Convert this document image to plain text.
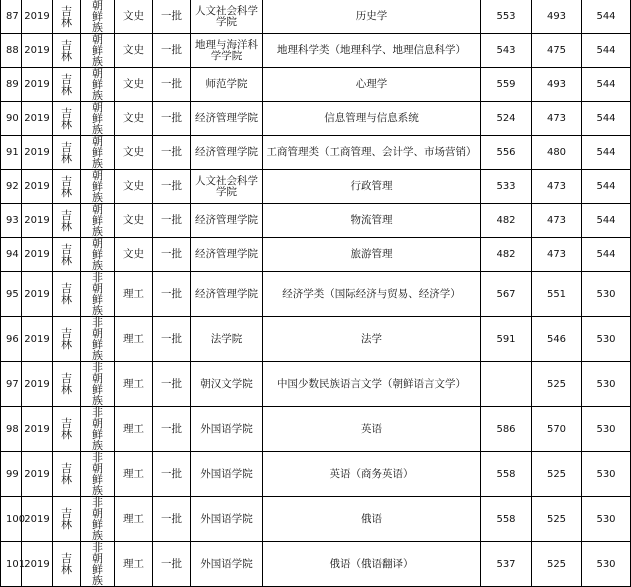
87	2019	吉林	朝鲜族	文史	一批	人文社会科学学院	历史学	553	493	544
88	2019	吉林	朝鲜族	文史	一批	地理与海洋科学学院	地理科学类（地理科学、地理信息科学）	543	475	544
89	2019	吉林	朝鲜族	文史	一批	师范学院	心理学	559	493	544
90	2019	吉林	朝鲜族	文史	一批	经济管理学院	信息管理与信息系统	524	473	544
91	2019	吉林	朝鲜族	文史	一批	经济管理学院	工商管理类（工商管理、会计学、市场营销）	556	480	544
92	2019	吉林	朝鲜族	文史	一批	人文社会科学学院	行政管理	533	473	544
93	2019	吉林	朝鲜族	文史	一批	经济管理学院	物流管理	482	473	544
94	2019	吉林	朝鲜族	文史	一批	经济管理学院	旅游管理	482	473	544
95	2019	吉林	非朝鲜族	理工	一批	经济管理学院	经济学类（国际经济与贸易、经济学）	567	551	530
96	2019	吉林	非朝鲜族	理工	一批	法学院	法学	591	546	530
97	2019	吉林	非朝鲜族	理工	一批	朝汉文学院	中国少数民族语言文学（朝鲜语言文学）		525	530
98	2019	吉林	非朝鲜族	理工	一批	外国语学院	英语	586	570	530
99	2019	吉林	非朝鲜族	理工	一批	外国语学院	英语（商务英语）	558	525	530
100	2019	吉林	非朝鲜族	理工	一批	外国语学院	俄语	558	525	530
101	2019	吉林	非朝鲜族	理工	一批	外国语学院	俄语（俄语翻译）	537	525	530
